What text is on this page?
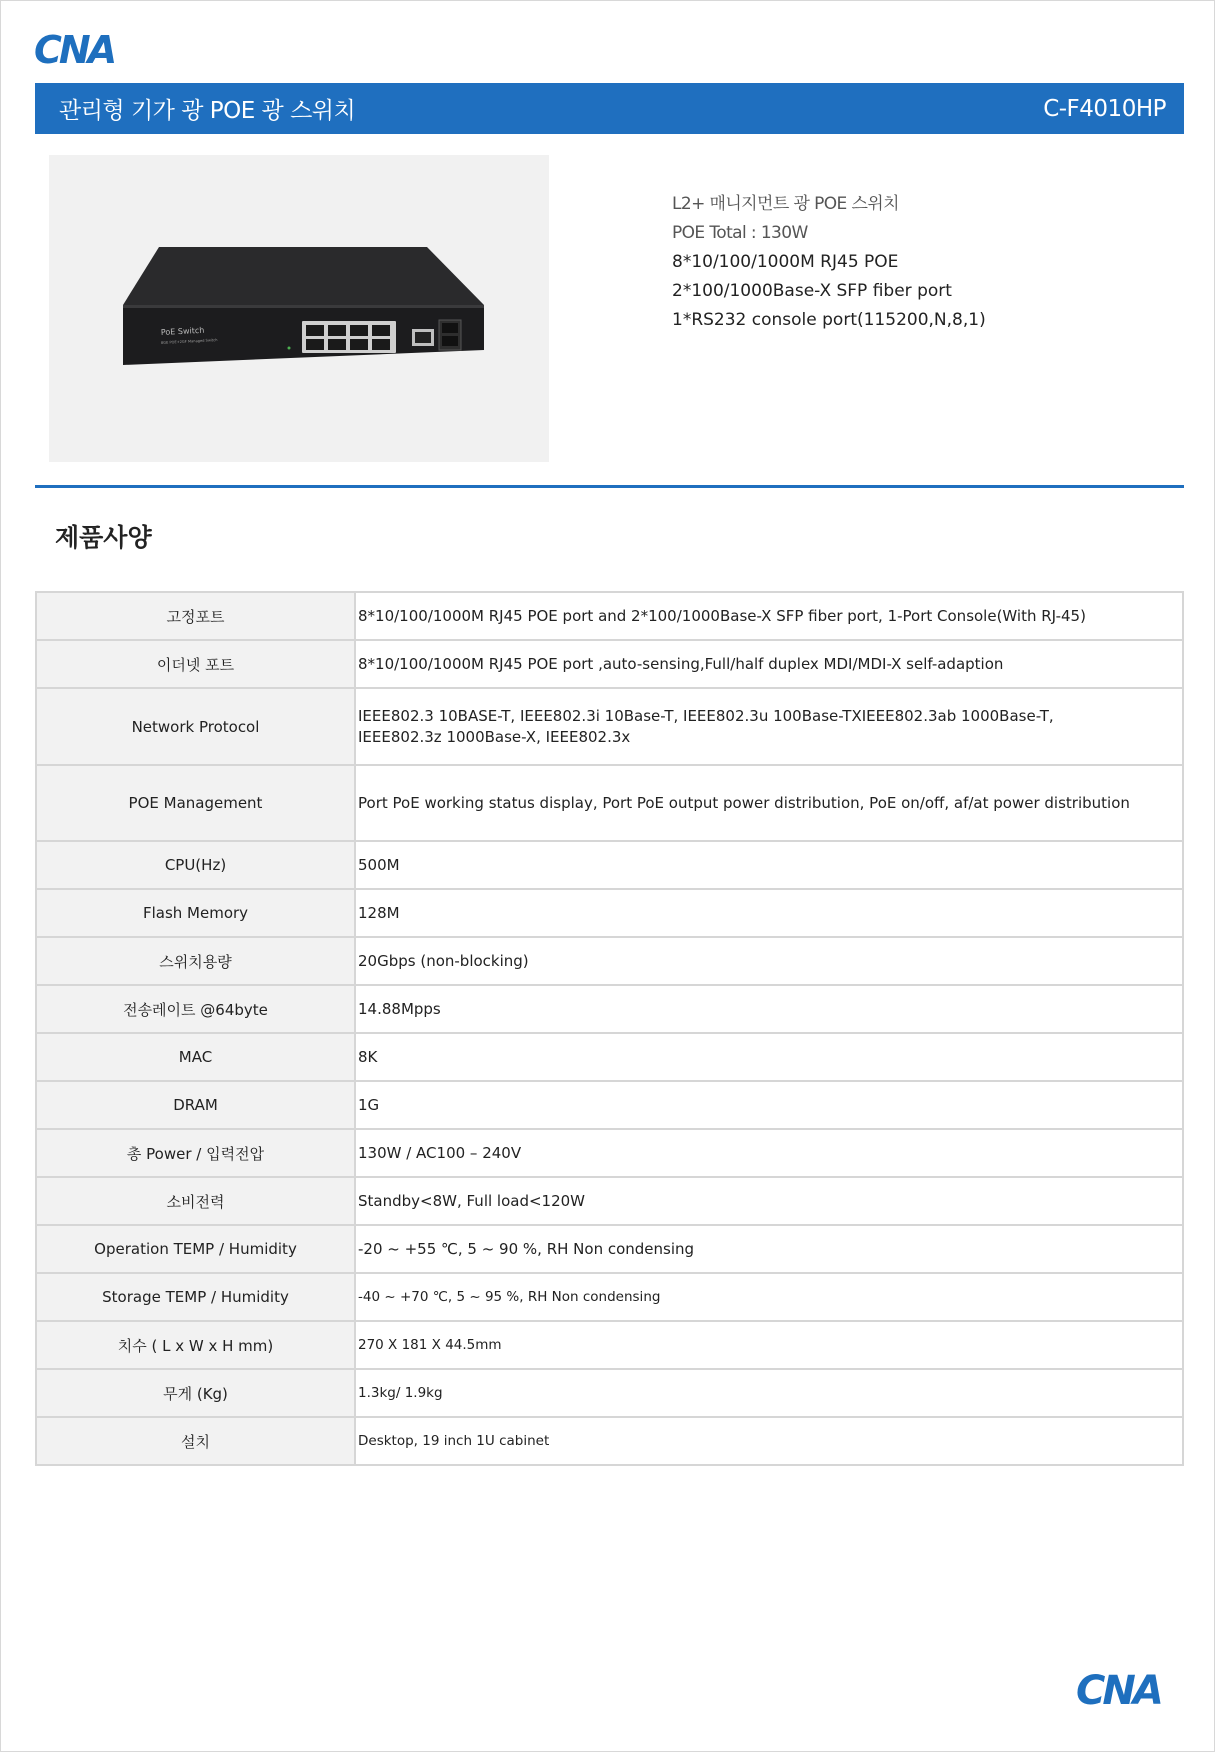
CNA
관리형 기가 광 POE 광 스위치	C-F4010HP
PoE Switch
8GE POE+2GF Managed Switch
L2+ 매니지먼트 광 POE 스위치
POE Total : 130W
8*10/100/1000M RJ45 POE
2*100/1000Base-X SFP fiber port
1*RS232 console port(115200,N,8,1)
제품사양
고정포트	8*10/100/1000M RJ45 POE port and 2*100/1000Base-X SFP fiber port, 1-Port Console(With RJ-45)
이더넷 포트	8*10/100/1000M RJ45 POE port ,auto-sensing,Full/half duplex MDI/MDI-X self-adaption
Network Protocol	IEEE802.3 10BASE-T, IEEE802.3i 10Base-T, IEEE802.3u 100Base-TXIEEE802.3ab 1000Base-T,
IEEE802.3z 1000Base-X, IEEE802.3x

POE Management	Port PoE working status display, Port PoE output power distribution, PoE on/off, af/at power distribution
CPU(Hz)	500M
Flash Memory	128M
스위치용량	20Gbps (non-blocking)
전송레이트 @64byte	14.88Mpps
MAC	8K
DRAM	1G
총 Power / 입력전압	130W / AC100 – 240V
소비전력	Standby<8W, Full load<120W
Operation TEMP / Humidity	-20 ~ +55 ℃, 5 ~ 90 %, RH Non condensing
Storage TEMP / Humidity	-40 ~ +70 ℃, 5 ~ 95 %, RH Non condensing
치수 ( L x W x H mm)	270 X 181 X 44.5mm
무게 (Kg)	1.3kg/ 1.9kg
설치	Desktop, 19 inch 1U cabinet
CNA
